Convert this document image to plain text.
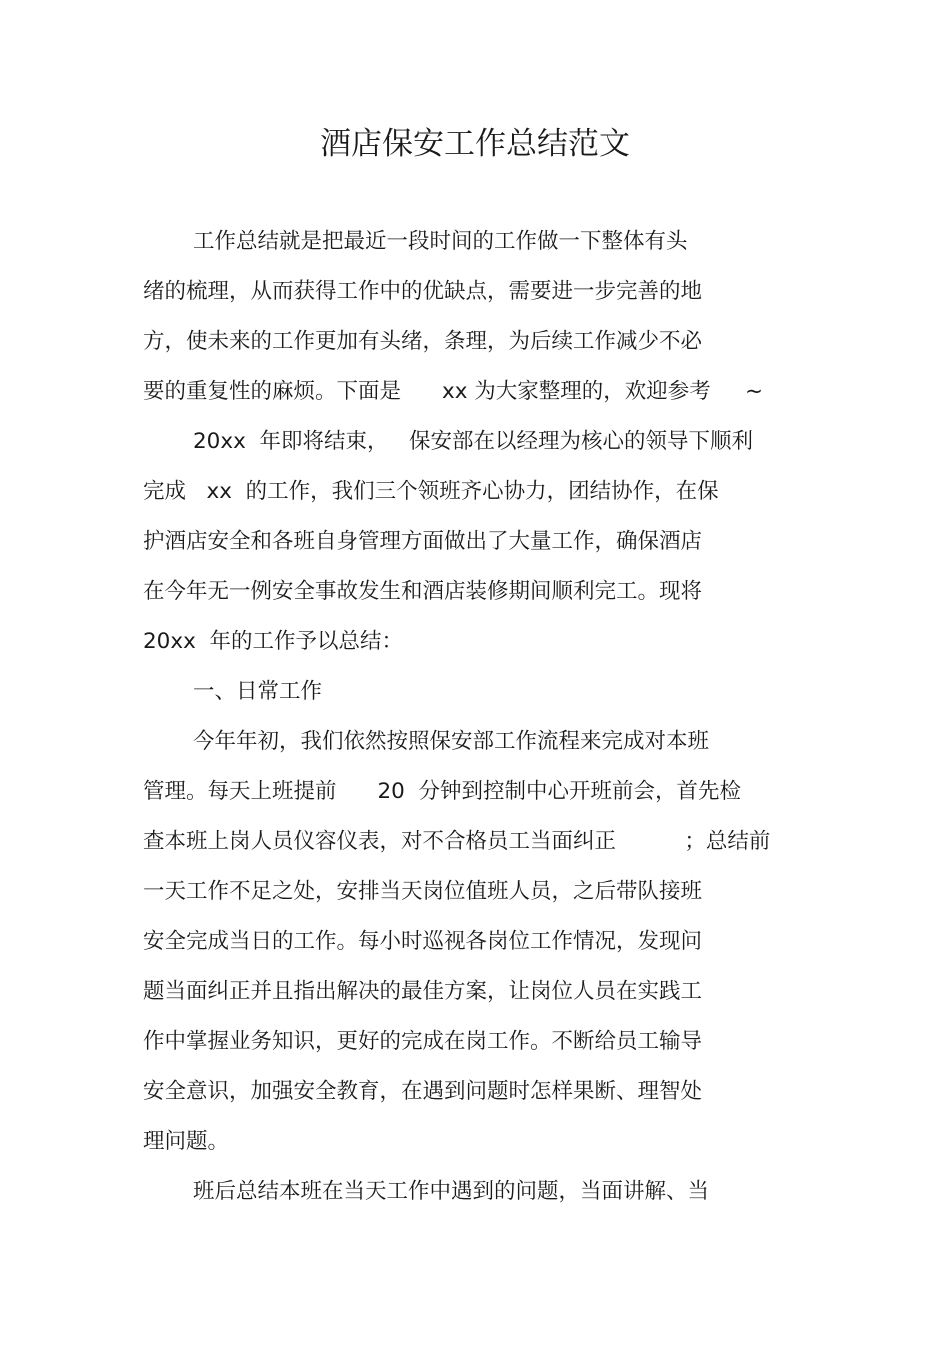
酒店保安工作总结范文
工作总结就是把最近一段时间的工作做一下整体有头
绪的梳理，从而获得工作中的优缺点，需要进一步完善的地
方，使未来的工作更加有头绪，条理，为后续工作减少不必
要的重复性的麻烦。下面是      xx 为大家整理的，欢迎参考     ~
20xx  年即将结束，   保安部在以经理为核心的领导下顺利
完成   xx  的工作，我们三个领班齐心协力，团结协作，在保
护酒店安全和各班自身管理方面做出了大量工作，确保酒店
在今年无一例安全事故发生和酒店装修期间顺利完工。现将
20xx  年的工作予以总结：
一、日常工作
今年年初，我们依然按照保安部工作流程来完成对本班
管理。每天上班提前      20  分钟到控制中心开班前会，首先检
查本班上岗人员仪容仪表，对不合格员工当面纠正          ；总结前
一天工作不足之处，安排当天岗位值班人员，之后带队接班
安全完成当日的工作。每小时巡视各岗位工作情况，发现问
题当面纠正并且指出解决的最佳方案，让岗位人员在实践工
作中掌握业务知识，更好的完成在岗工作。不断给员工输导
安全意识，加强安全教育，在遇到问题时怎样果断、理智处
理问题。
班后总结本班在当天工作中遇到的问题，当面讲解、当
